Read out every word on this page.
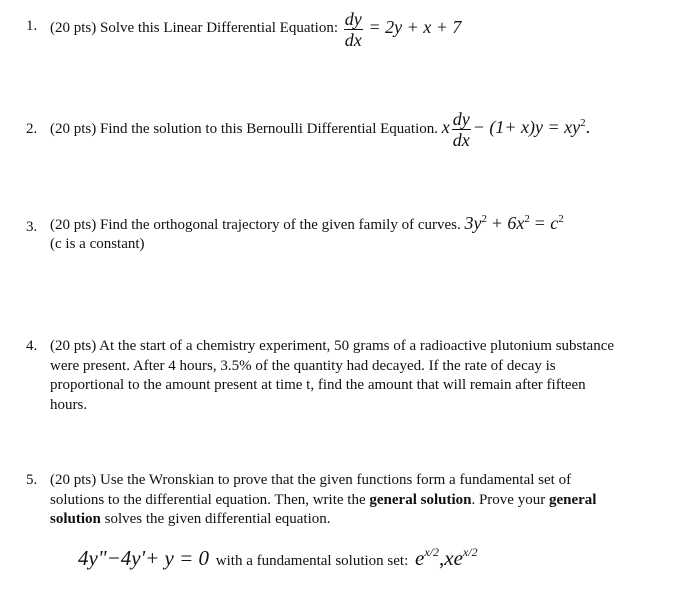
1. (20 pts) Solve this Linear Differential Equation: $\frac{dy}{dx} = 2y + x + 7$
2. (20 pts) Find the solution to this Bernoulli Differential Equation. x $\frac{dy}{dx} - (1+ x)y = xy^2$.
3. (20 pts) Find the orthogonal trajectory of the given family of curves. $3y^2 + 6x^2 = c^2$
(c is a constant)
4. (20 pts) At the start of a chemistry experiment, 50 grams of a radioactive plutonium substance
were present. After 4 hours, 3.5% of the quantity had decayed. If the rate of decay is
proportional to the amount present at time t, find the amount that will remain after fifteen
hours.
5. (20 pts) Use the Wronskian to prove that the given functions form a fundamental set of
solutions to the differential equation. Then, write the general solution. Prove your general
solution solves the given differential equation.
4y"−4y'+ y = 0 with a fundamental solution set: $e^{x/2},xe^{x/2}$
